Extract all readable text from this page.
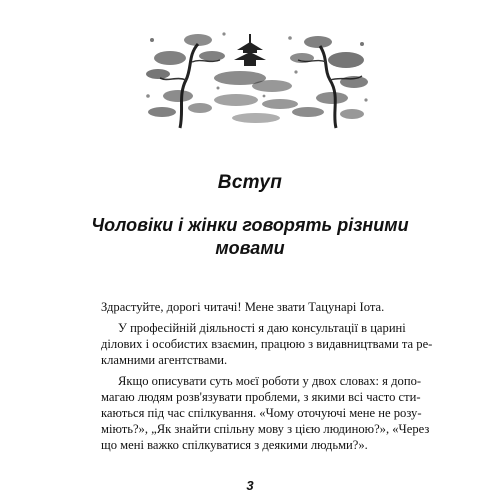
Вступ
Чоловіки і жінки говорять різними
мовами
Здрастуйте, дорогі читачі! Мене звати Тацунарі Іота.
У професійній діяльності я даю консультації в царині
ділових і особистих взаємин, працюю з видавництвами та ре-
кламними агентствами.
Якщо описувати суть моєї роботи у двох словах: я допо-
магаю людям розв'язувати проблеми, з якими всі часто сти-
каються під час спілкування. «Чому оточуючі мене не розу-
міють?», „Як знайти спільну мову з цією людиною?», «Через
що мені важко спілкуватися з деякими людьми?».
3
